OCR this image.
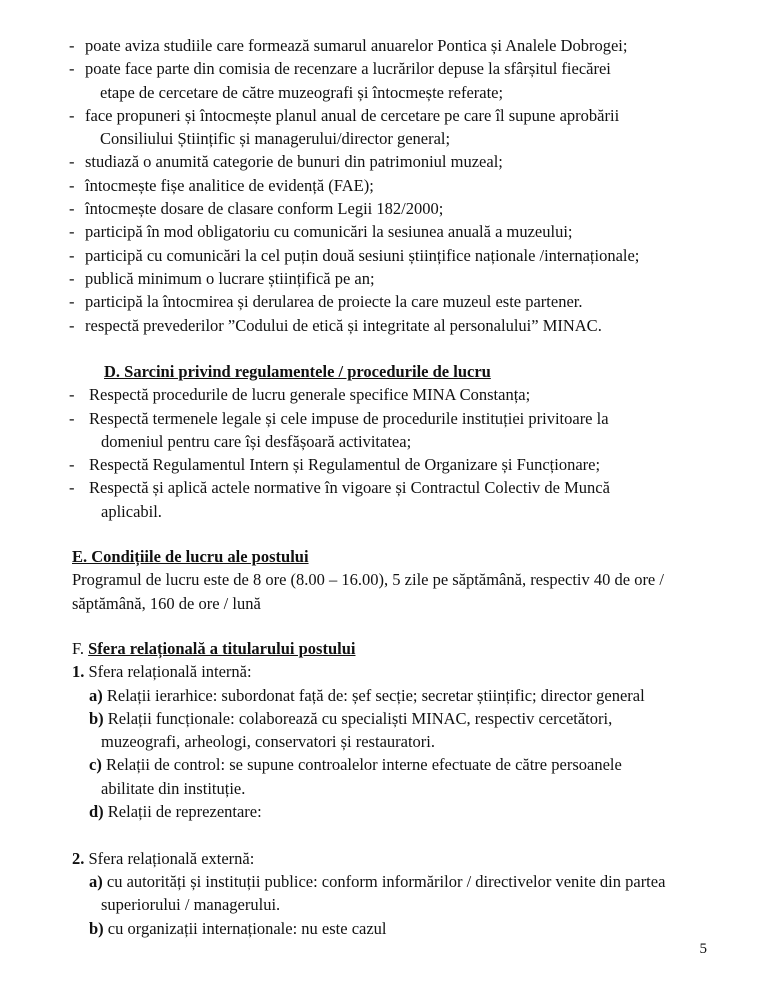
- poate aviza studiile care formează sumarul anuarelor Pontica și Analele Dobrogei;
- poate face parte din comisia de recenzare a lucrărilor depuse la sfârșitul fiecărei
etape de cercetare de către muzeografi și întocmește referate;
- face propuneri și întocmește planul anual de cercetare pe care îl supune aprobării
Consiliului Științific și managerului/director general;
- studiază o anumită categorie de bunuri din patrimoniul muzeal;
- întocmește fișe analitice de evidență (FAE);
- întocmește dosare de clasare conform Legii 182/2000;
- participă în mod obligatoriu cu comunicări la sesiunea anuală a muzeului;
- participă cu comunicări la cel puțin două sesiuni științifice naționale /internaționale;
- publică minimum o lucrare științifică pe an;
- participă la întocmirea și derularea de proiecte la care muzeul este partener.
- respectă prevederilor ”Codului de etică și integritate al personalului” MINAC.
D. Sarcini privind regulamentele / procedurile de lucru
- Respectă procedurile de lucru generale specifice MINA Constanța;
- Respectă termenele legale și cele impuse de procedurile instituției privitoare la
domeniul pentru care își desfășoară activitatea;
- Respectă Regulamentul Intern și Regulamentul de Organizare și Funcționare;
- Respectă și aplică actele normative în vigoare și Contractul Colectiv de Muncă
aplicabil.
E. Condițiile de lucru ale postului
Programul de lucru este de 8 ore (8.00 – 16.00), 5 zile pe săptămână, respectiv 40 de ore /
săptămână, 160 de ore / lună
F. Sfera relațională a titularului postului
1. Sfera relațională internă:
a) Relații ierarhice: subordonat față de: șef secție; secretar științific; director general
b) Relații funcționale: colaborează cu specialiști MINAC, respectiv cercetători,
muzeografi, arheologi, conservatori și restauratori.
c) Relații de control: se supune controalelor interne efectuate de către persoanele
abilitate din instituție.
d) Relații de reprezentare:
2. Sfera relațională externă:
a) cu autorități și instituții publice: conform informărilor / directivelor venite din partea
superiorului / managerului.
b) cu organizații internaționale: nu este cazul
5
